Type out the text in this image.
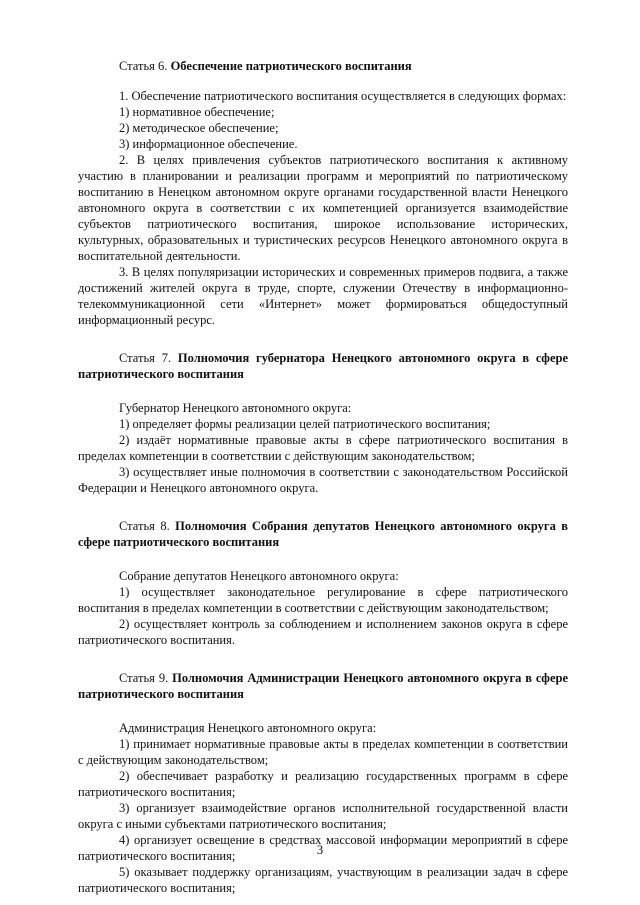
Статья 6. Обеспечение патриотического воспитания

1. Обеспечение патриотического воспитания осуществляется в следующих формах:

1) нормативное обеспечение;

2) методическое обеспечение;

3) информационное обеспечение.

2. В целях привлечения субъектов патриотического воспитания к активному участию в планировании и реализации программ и мероприятий по патриотическому воспитанию в Ненецком автономном округе органами государственной власти Ненецкого автономного округа в соответствии с их компетенцией организуется взаимодействие субъектов патриотического воспитания, широкое использование исторических, культурных, образовательных и туристических ресурсов Ненецкого автономного округа в воспитательной деятельности.

3. В целях популяризации исторических и современных примеров подвига, а также достижений жителей округа в труде, спорте, служении Отечеству в информационно-телекоммуникационной сети «Интернет» может формироваться общедоступный информационный ресурс.

Статья 7. Полномочия губернатора Ненецкого автономного округа в сфере патриотического воспитания

Губернатор Ненецкого автономного округа:

1) определяет формы реализации целей патриотического воспитания;

2) издаёт нормативные правовые акты в сфере патриотического воспитания в пределах компетенции в соответствии с действующим законодательством;

3) осуществляет иные полномочия в соответствии с законодательством Российской Федерации и Ненецкого автономного округа.

Статья 8. Полномочия Собрания депутатов Ненецкого автономного округа в сфере патриотического воспитания

Собрание депутатов Ненецкого автономного округа:

1) осуществляет законодательное регулирование в сфере патриотического воспитания в пределах компетенции в соответствии с действующим законодательством;

2) осуществляет контроль за соблюдением и исполнением законов округа в сфере патриотического воспитания.

Статья 9. Полномочия Администрации Ненецкого автономного округа в сфере патриотического воспитания

Администрация Ненецкого автономного округа:

1) принимает нормативные правовые акты в пределах компетенции в соответствии с действующим законодательством;

2) обеспечивает разработку и реализацию государственных программ в сфере патриотического воспитания;

3) организует взаимодействие органов исполнительной государственной власти округа с иными субъектами патриотического воспитания;

4) организует освещение в средствах массовой информации мероприятий в сфере патриотического воспитания;

5) оказывает поддержку организациям, участвующим в реализации задач в сфере патриотического воспитания;

3
